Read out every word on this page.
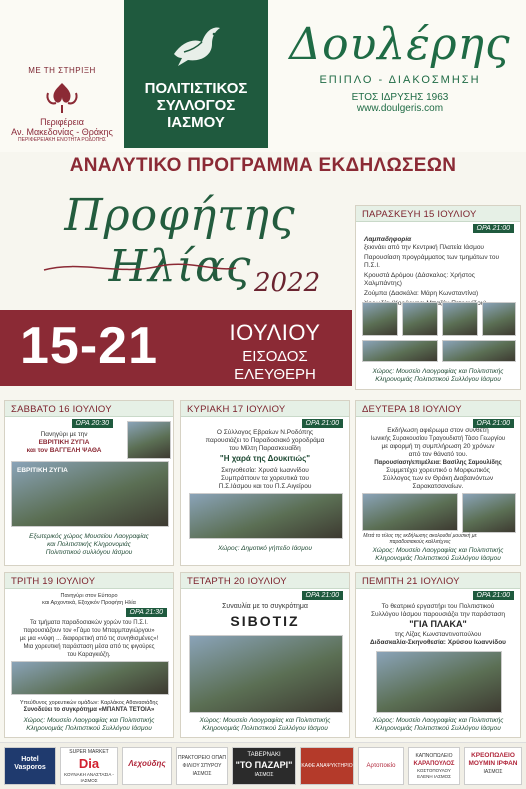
ΜΕ ΤΗ ΣΤΗΡΙΞΗ
Περιφέρεια
Αν. Μακεδονίας - Θράκης
ΠΕΡΙΦΕΡΕΙΑΚΗ ΕΝΟΤΗΤΑ ΡΟΔΟΠΗΣ
ΠΟΛΙΤΙΣΤΙΚΟΣ
ΣΥΛΛΟΓΟΣ
ΙΑΣΜΟΥ
Δουλέρης
ΕΠΙΠΛΟ - ΔΙΑΚΟΣΜΗΣΗ
ΕΤΟΣ ΙΔΡΥΣΗΣ 1963
www.doulgeris.com
ΑΝΑΛΥΤΙΚΟ ΠΡΟΓΡΑΜΜΑ ΕΚΔΗΛΩΣΕΩΝ
Προφήτης Ηλίας 2022
15-21	ΙΟΥΛΙΟΥ
ΕΙΣΟΔΟΣ
ΕΛΕΥΘΕΡΗ
ΠΑΡΑΣΚΕΥΗ 15 ΙΟΥΛΙΟΥ
ΩΡΑ 21:00
Λαμπαδηφορία
ξεκινάει από την Κεντρική Πλατεία Ιάσμου
Παρουσίαση προγράμματος των τμημάτων του Π.Σ.Ι.
Κρουστά Δρόμου (Δάσκαλος: Χρήστος Χαλμπάντης)
Ζούμπα (Δασκάλα: Μάρη Κωνσταντίνα)
Χώρος: Μουσείο Λαογραφίας και Πολιτιστικής
Κληρονομιάς Πολιτιστικού Συλλόγου Ιάσμου
ΣΑΒΒΑΤΟ 16 ΙΟΥΛΙΟΥ
ΩΡΑ 20:30
Πανηγύρι με την
ΕΒΡΙΤΙΚΗ ΖΥΓΙΑ
και τον ΒΑΓΓΕΛΗ ΨΑΘΑ
ΕΒΡΙΤΙΚΗ ΖΥΓΙΑ
Εξωτερικός χώρος Μουσείου Λαογραφίας
και Πολιτιστικής Κληρονομιάς
Πολιτιστικού συλλόγου Ιάσμου
ΚΥΡΙΑΚΗ 17 ΙΟΥΛΙΟΥ
ΩΡΑ 21:00
Ο Σύλλογος Εβραίων Ν.Ροδόπης
παρουσιάζει το Παραδοσιακό χοροδράμα
του Μίλτη Παρασκευαΐδη
"Η χαρά της Δουκιτιώς"
Σκηνοθεσία: Χρυσά Ιωαννίδου
Συμπράττουν τα χορευτικά του
Π.Σ.Ιάσμου και του Π.Σ.Αιγείρου
Χώρος: Δημοτικό γήπεδο Ιάσμου
ΔΕΥΤΕΡΑ 18 ΙΟΥΛΙΟΥ
ΩΡΑ 21:00
Εκδήλωση αφιέρωμα στον συνθέτη
Ιωνικής Συρακουσίου Τραγουδιστή Τάσο Γεωργίου
με αφορμή τη συμπλήρωση 20 χρόνων
από τον θάνατό του.
Παρουσίαση/επιμέλεια: Βασίλης Σαμουλίδης
Συμμετέχει χορευτικό ο Μορφωτικός
Σύλλογος των εν Θράκη Διαβαινόντων
Σαρακατσαναίων.
Μετά το τέλος της εκδήλωσης ακολουθεί μουσική με παραδοσιακούς καλλιτέχνες
Χώρος: Μουσείο Λαογραφίας και Πολιτιστικής
Κληρονομιάς Πολιτιστικού Συλλόγου Ιάσμου
ΤΡΙΤΗ 19 ΙΟΥΛΙΟΥ
Πανηγύρι στον Εύπορο
και Αρχοντικά, Εξοχικόν Προφήτη Ηλία
ΩΡΑ 21:30
Τα τμήματα παραδοσιακών χορών του Π.Σ.Ι.
παρουσιάζουν τον «Γάμο του Μπαρμπαγιώργου»
με μια «νύφη ... διαφορετική από τις συνηθισμένες»!
Μια χορευτική παράσταση μέσα από τις φιγούρες
του Καραγκιόζη.
Υπεύθυνος χορευτικών ομάδων: Καρλάκος Αθανασιάδης
Συνοδεύει το συγκρότημα «ΜΠΑΝΤΑ ΤΕΤΟΙΑ»
Χώρος: Μουσείο Λαογραφίας και Πολιτιστικής
Κληρονομιάς Πολιτιστικού Συλλόγου Ιάσμου
ΤΕΤΑΡΤΗ 20 ΙΟΥΛΙΟΥ
ΩΡΑ 21:00
Συναυλία με το συγκρότημα
SIBOTIZ
Χώρος: Μουσείο Λαογραφίας και Πολιτιστικής
Κληρονομιάς Πολιτιστικού Συλλόγου Ιάσμου
ΠΕΜΠΤΗ 21 ΙΟΥΛΙΟΥ
ΩΡΑ 21:00
Το θεατρικό εργαστήρι του Πολιτιστικού
Συλλόγου Ιάσμου παρουσιάζει την παράσταση
"ΓΙΑ ΠΛΑΚΑ"
της Λίζας Κωνσταντινοπούλου
Διδασκαλία-Σκηνοθεσία: Χρύσου Ιωαννίδου
Χώρος: Μουσείο Λαογραφίας και Πολιτιστικής
Κληρονομιάς Πολιτιστικού Συλλόγου Ιάσμου
Hotel Vasporos
SUPER MARKET
Dia
ΚΟΥΝΑΚΗ ΑΝΑΣΤΑΣΙΑ - ΙΑΣΜΟΣ
Λεχούδης
ΠΡΑΚΤΟΡΕΙΟ ΟΠΑΠ
ΦΙΛΙΟΥ ΣΠΥΡΟΥ
ΙΑΣΜΟΣ
ΤΑΒΕΡΝΑΚΙ
"ΤΟ ΠΑΖΑΡΙ"
ΙΑΣΜΟΣ
ΚΑΦΕ ΑΝΑΨΥΚΤΗΡΙΟ	Αρτοποιείο
ΚΑΠΝΟΠΩΛΕΙΟ
ΚΑΡΑΠΟΥΛΟΣ
ΚΟΣΤΟΠΟΥΛΟΥ ΕΛΕΝΗ ΙΑΣΜΟΣ
ΚΡΕΟΠΩΛΕΙΟ
ΜΟΥΜΙΝ ΙΡΦΑΝ
ΙΑΣΜΟΣ
